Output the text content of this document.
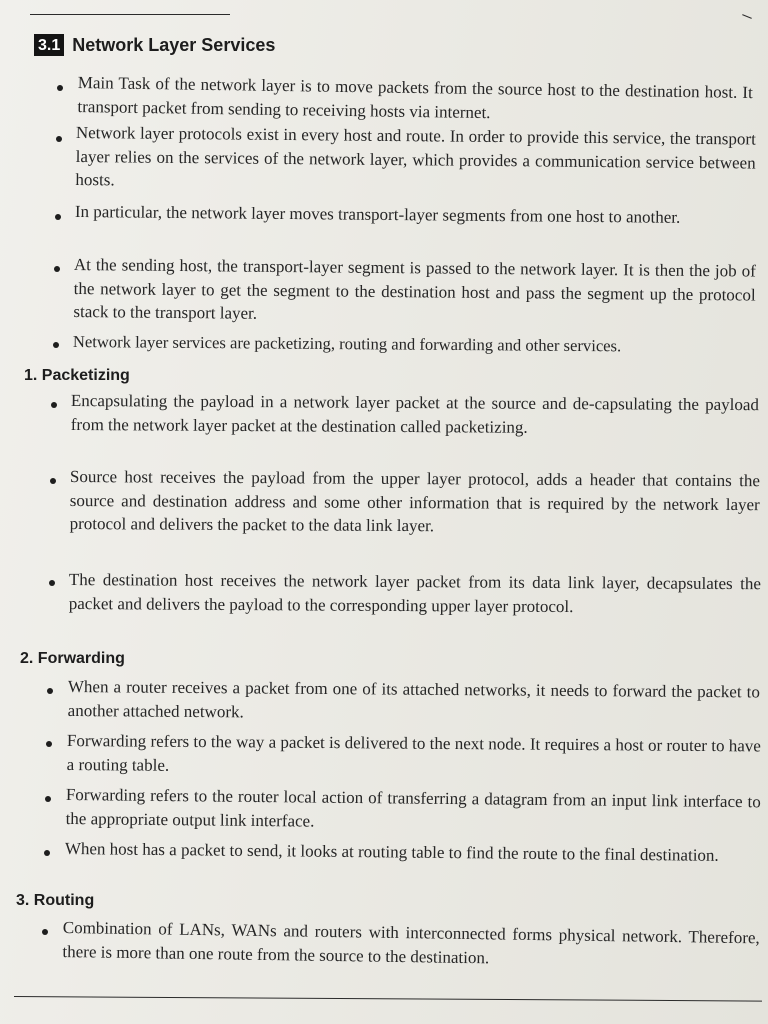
3.1 Network Layer Services
Main Task of the network layer is to move packets from the source host to the destination host. It transport packet from sending to receiving hosts via internet.
Network layer protocols exist in every host and route. In order to provide this service, the transport layer relies on the services of the network layer, which provides a communication service between hosts.
In particular, the network layer moves transport-layer segments from one host to another.
At the sending host, the transport-layer segment is passed to the network layer. It is then the job of the network layer to get the segment to the destination host and pass the segment up the protocol stack to the transport layer.
Network layer services are packetizing, routing and forwarding and other services.
1. Packetizing
Encapsulating the payload in a network layer packet at the source and de-capsulating the payload from the network layer packet at the destination called packetizing.
Source host receives the payload from the upper layer protocol, adds a header that contains the source and destination address and some other information that is required by the network layer protocol and delivers the packet to the data link layer.
The destination host receives the network layer packet from its data link layer, decapsulates the packet and delivers the payload to the corresponding upper layer protocol.
2. Forwarding
When a router receives a packet from one of its attached networks, it needs to forward the packet to another attached network.
Forwarding refers to the way a packet is delivered to the next node. It requires a host or router to have a routing table.
Forwarding refers to the router local action of transferring a datagram from an input link interface to the appropriate output link interface.
When host has a packet to send, it looks at routing table to find the route to the final destination.
3. Routing
Combination of LANs, WANs and routers with interconnected forms physical network. Therefore, there is more than one route from the source to the destination.
